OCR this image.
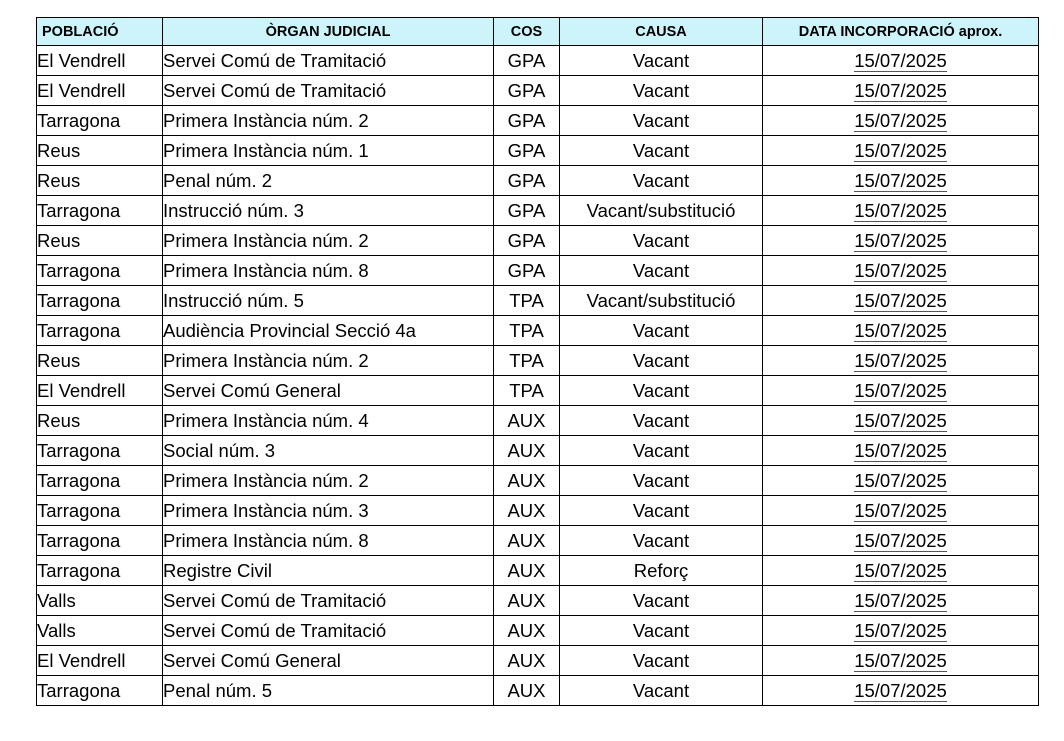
POBLACIÓ	ÒRGAN JUDICIAL	COS	CAUSA	DATA INCORPORACIÓ aprox.
El Vendrell	Servei Comú de Tramitació	GPA	Vacant	15/07/2025
El Vendrell	Servei Comú de Tramitació	GPA	Vacant	15/07/2025
Tarragona	Primera Instància núm. 2	GPA	Vacant	15/07/2025
Reus	Primera Instància núm. 1	GPA	Vacant	15/07/2025
Reus	Penal núm. 2	GPA	Vacant	15/07/2025
Tarragona	Instrucció núm. 3	GPA	Vacant/substitució	15/07/2025
Reus	Primera Instància núm. 2	GPA	Vacant	15/07/2025
Tarragona	Primera Instància núm. 8	GPA	Vacant	15/07/2025
Tarragona	Instrucció núm. 5	TPA	Vacant/substitució	15/07/2025
Tarragona	Audiència Provincial Secció 4a	TPA	Vacant	15/07/2025
Reus	Primera Instància núm. 2	TPA	Vacant	15/07/2025
El Vendrell	Servei Comú General	TPA	Vacant	15/07/2025
Reus	Primera Instància núm. 4	AUX	Vacant	15/07/2025
Tarragona	Social núm. 3	AUX	Vacant	15/07/2025
Tarragona	Primera Instància núm. 2	AUX	Vacant	15/07/2025
Tarragona	Primera Instància núm. 3	AUX	Vacant	15/07/2025
Tarragona	Primera Instància núm. 8	AUX	Vacant	15/07/2025
Tarragona	Registre Civil	AUX	Reforç	15/07/2025
Valls	Servei Comú de Tramitació	AUX	Vacant	15/07/2025
Valls	Servei Comú de Tramitació	AUX	Vacant	15/07/2025
El Vendrell	Servei Comú General	AUX	Vacant	15/07/2025
Tarragona	Penal núm. 5	AUX	Vacant	15/07/2025
